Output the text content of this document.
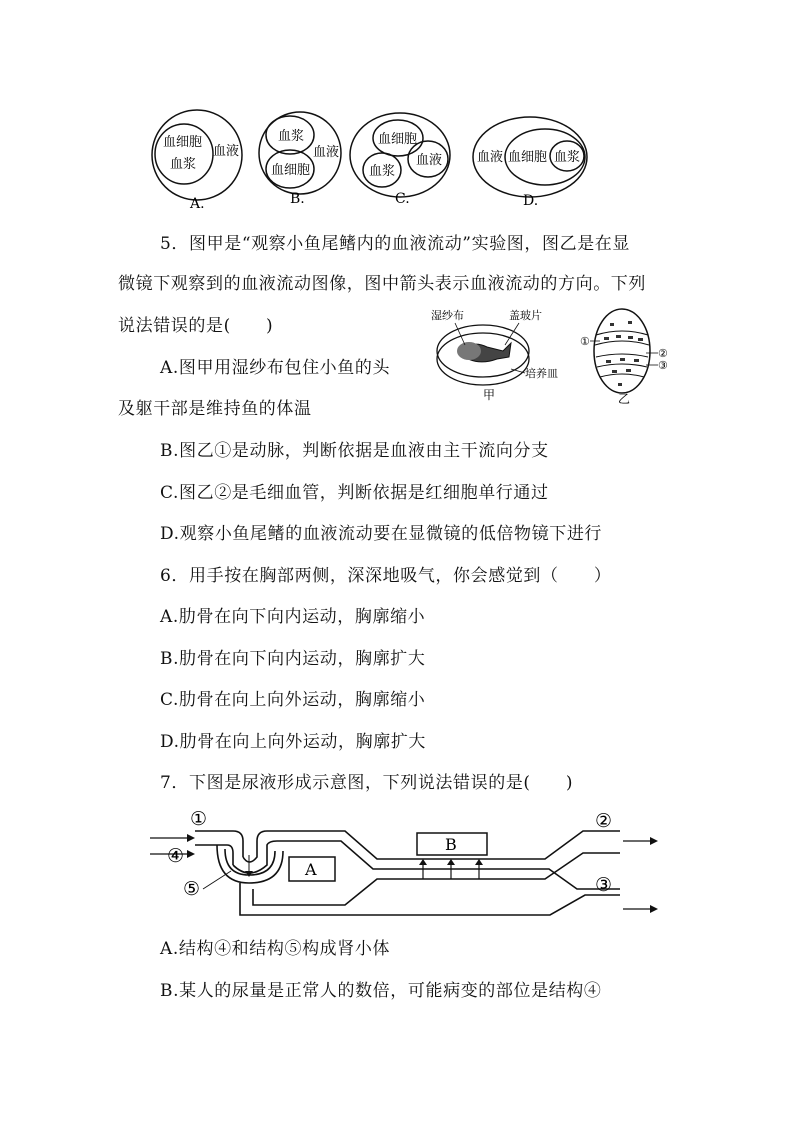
血细胞
血浆
血液
A.
血浆
血细胞
血液
B.
血细胞
血浆
血液
C.
血液 血细胞 血浆
D.
5．图甲是“观察小鱼尾鳍内的血液流动”实验图，图乙是在显
微镜下观察到的血液流动图像，图中箭头表示血液流动的方向。下列
说法错误的是(　　)
湿纱布	盖玻片
培养皿
甲
①
②
③
乙
A.图甲用湿纱布包住小鱼的头
及躯干部是维持鱼的体温
B.图乙①是动脉，判断依据是血液由主干流向分支
C.图乙②是毛细血管，判断依据是红细胞单行通过
D.观察小鱼尾鳍的血液流动要在显微镜的低倍物镜下进行
6．用手按在胸部两侧，深深地吸气，你会感觉到（　　）
A.肋骨在向下向内运动，胸廓缩小
B.肋骨在向下向内运动，胸廓扩大
C.肋骨在向上向外运动，胸廓缩小
D.肋骨在向上向外运动，胸廓扩大
7．下图是尿液形成示意图，下列说法错误的是(　　)
A
B
①
④
⑤
②
③
A.结构④和结构⑤构成肾小体
B.某人的尿量是正常人的数倍，可能病变的部位是结构④
